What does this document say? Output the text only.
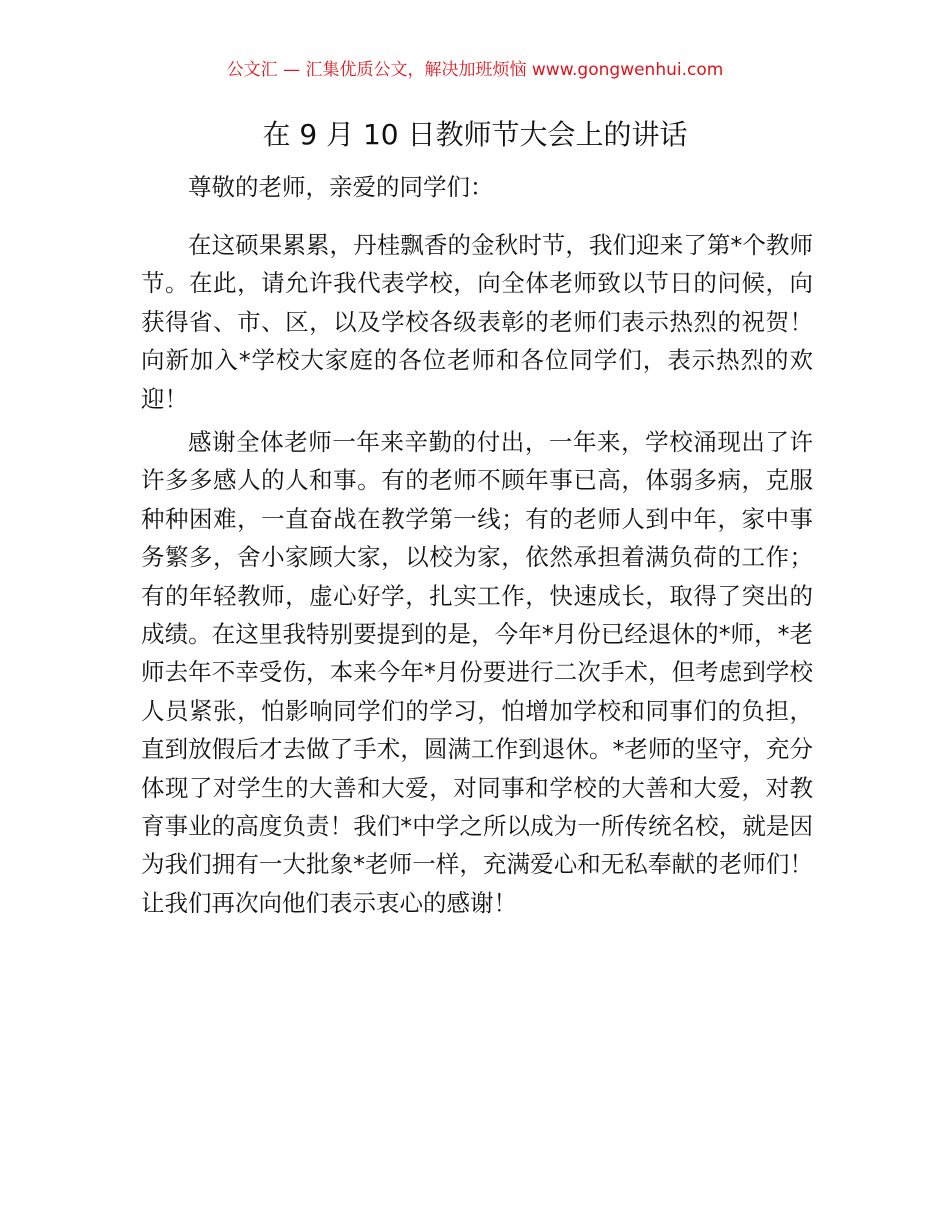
公文汇 — 汇集优质公文，解决加班烦恼 www.gongwenhui.com
在 9 月 10 日教师节大会上的讲话

尊敬的老师，亲爱的同学们：

在这硕果累累，丹桂飘香的金秋时节，我们迎来了第*个教师节。在此，请允许我代表学校，向全体老师致以节日的问候，向获得省、市、区，以及学校各级表彰的老师们表示热烈的祝贺！向新加入*学校大家庭的各位老师和各位同学们，表示热烈的欢迎！

感谢全体老师一年来辛勤的付出，一年来，学校涌现出了许许多多感人的人和事。有的老师不顾年事已高，体弱多病，克服种种困难，一直奋战在教学第一线；有的老师人到中年，家中事务繁多，舍小家顾大家，以校为家，依然承担着满负荷的工作；有的年轻教师，虚心好学，扎实工作，快速成长，取得了突出的成绩。在这里我特别要提到的是，今年*月份已经退休的*师，*老师去年不幸受伤，本来今年*月份要进行二次手术，但考虑到学校人员紧张，怕影响同学们的学习，怕增加学校和同事们的负担，直到放假后才去做了手术，圆满工作到退休。*老师的坚守，充分体现了对学生的大善和大爱，对同事和学校的大善和大爱，对教育事业的高度负责！我们*中学之所以成为一所传统名校，就是因为我们拥有一大批象*老师一样，充满爱心和无私奉献的老师们！让我们再次向他们表示衷心的感谢！
